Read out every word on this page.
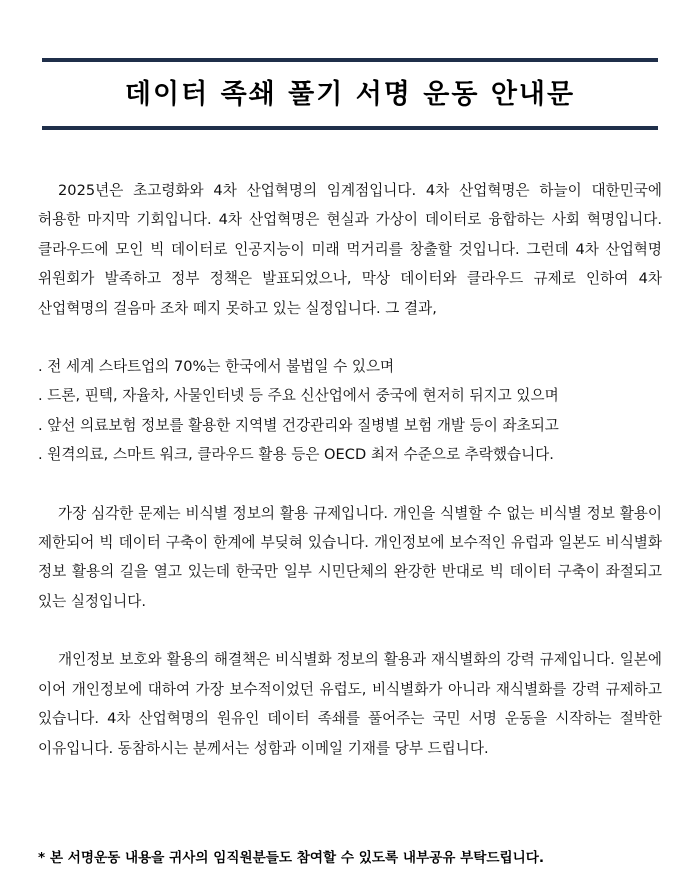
데이터 족쇄 풀기 서명 운동 안내문

2025년은 초고령화와 4차 산업혁명의 임계점입니다. 4차 산업혁명은 하늘이 대한민국에 허용한 마지막 기회입니다. 4차 산업혁명은 현실과 가상이 데이터로 융합하는 사회 혁명입니다. 클라우드에 모인 빅 데이터로 인공지능이 미래 먹거리를 창출할 것입니다. 그런데 4차 산업혁명 위원회가 발족하고 정부 정책은 발표되었으나, 막상 데이터와 클라우드 규제로 인하여 4차 산업혁명의 걸음마 조차 떼지 못하고 있는 실정입니다. 그 결과,

. 전 세계 스타트업의 70%는 한국에서 불법일 수 있으며
. 드론, 핀텍, 자율차, 사물인터넷 등 주요 신산업에서 중국에 현저히 뒤지고 있으며
. 앞선 의료보험 정보를 활용한 지역별 건강관리와 질병별 보험 개발 등이 좌초되고
. 원격의료, 스마트 워크, 클라우드 활용 등은 OECD 최저 수준으로 추락했습니다.

가장 심각한 문제는 비식별 정보의 활용 규제입니다. 개인을 식별할 수 없는 비식별 정보 활용이 제한되어 빅 데이터 구축이 한계에 부딪혀 있습니다. 개인정보에 보수적인 유럽과 일본도 비식별화 정보 활용의 길을 열고 있는데 한국만 일부 시민단체의 완강한 반대로 빅 데이터 구축이 좌절되고 있는 실정입니다.

개인정보 보호와 활용의 해결책은 비식별화 정보의 활용과 재식별화의 강력 규제입니다. 일본에 이어 개인정보에 대하여 가장 보수적이었던 유럽도, 비식별화가 아니라 재식별화를 강력 규제하고 있습니다. 4차 산업혁명의 원유인 데이터 족쇄를 풀어주는 국민 서명 운동을 시작하는 절박한 이유입니다. 동참하시는 분께서는 성함과 이메일 기재를 당부 드립니다.

* 본 서명운동 내용을 귀사의 임직원분들도 참여할 수 있도록 내부공유 부탁드립니다.
